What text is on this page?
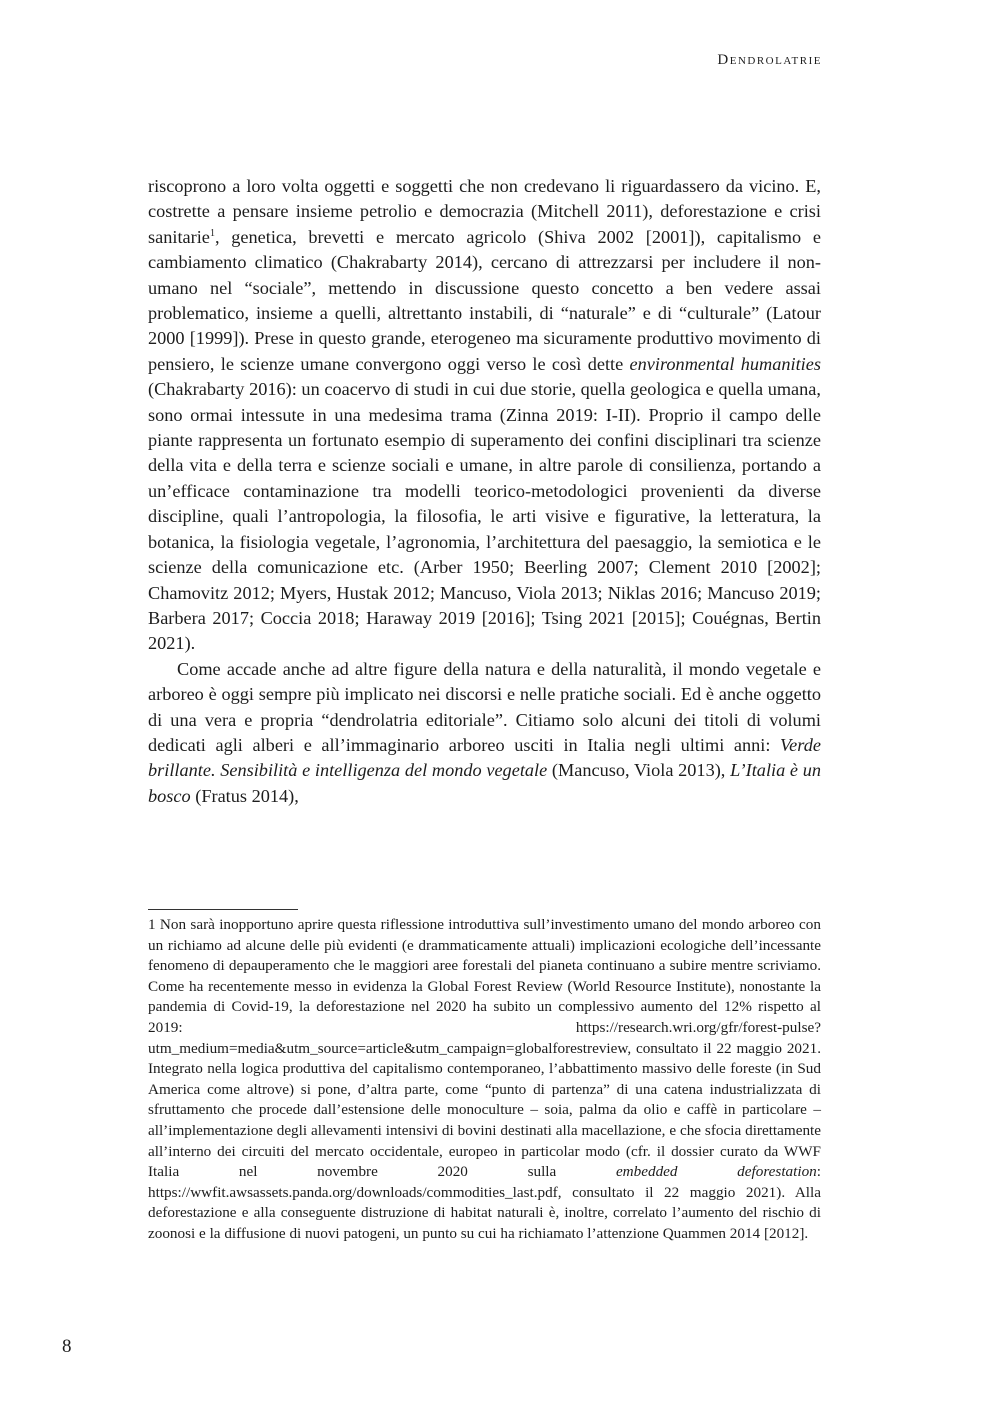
Dendrolatrie

riscoprono a loro volta oggetti e soggetti che non credevano li riguardassero da vicino. E, costrette a pensare insieme petrolio e democrazia (Mitchell 2011), deforestazione e crisi sanitarie$^1$, genetica, brevetti e mercato agricolo (Shiva 2002 [2001]), capitalismo e cambiamento climatico (Chakrabarty 2014), cercano di attrezzarsi per includere il non-umano nel “sociale”, mettendo in discussione questo concetto a ben vedere assai problematico, insieme a quelli, altrettanto instabili, di “naturale” e di “culturale” (Latour 2000 [1999]). Prese in questo grande, eterogeneo ma sicuramente produttivo movimento di pensiero, le scienze umane convergono oggi verso le così dette environmental humanities (Chakrabarty 2016): un coacervo di studi in cui due storie, quella geologica e quella umana, sono ormai intessute in una medesima trama (Zinna 2019: I-II). Proprio il campo delle piante rappresenta un fortunato esempio di superamento dei confini disciplinari tra scienze della vita e della terra e scienze sociali e umane, in altre parole di consilienza, portando a un’efficace contaminazione tra modelli teorico-metodologici provenienti da diverse discipline, quali l’antropologia, la filosofia, le arti visive e figurative, la letteratura, la botanica, la fisiologia vegetale, l’agronomia, l’architettura del paesaggio, la semiotica e le scienze della comunicazione etc. (Arber 1950; Beerling 2007; Clement 2010 [2002]; Chamovitz 2012; Myers, Hustak 2012; Mancuso, Viola 2013; Niklas 2016; Mancuso 2019; Barbera 2017; Coccia 2018; Haraway 2019 [2016]; Tsing 2021 [2015]; Couégnas, Bertin 2021).

Come accade anche ad altre figure della natura e della naturalità, il mondo vegetale e arboreo è oggi sempre più implicato nei discorsi e nelle pratiche sociali. Ed è anche oggetto di una vera e propria “dendrolatria editoriale”. Citiamo solo alcuni dei titoli di volumi dedicati agli alberi e all’immaginario arboreo usciti in Italia negli ultimi anni: Verde brillante. Sensibilità e intelligenza del mondo vegetale (Mancuso, Viola 2013), L’Italia è un bosco (Fratus 2014),

1 Non sarà inopportuno aprire questa riflessione introduttiva sull’investimento umano del mondo arboreo con un richiamo ad alcune delle più evidenti (e drammaticamente attuali) implicazioni ecologiche dell’incessante fenomeno di depauperamento che le maggiori aree forestali del pianeta continuano a subire mentre scriviamo. Come ha recentemente messo in evidenza la Global Forest Review (World Resource Institute), nonostante la pandemia di Covid-19, la deforestazione nel 2020 ha subito un complessivo aumento del 12% rispetto al 2019: https://research.wri.org/gfr/forest-pulse?utm_medium=media&utm_source=article&utm_campaign=globalforestreview, consultato il 22 maggio 2021. Integrato nella logica produttiva del capitalismo contemporaneo, l’abbattimento massivo delle foreste (in Sud America come altrove) si pone, d’altra parte, come “punto di partenza” di una catena industrializzata di sfruttamento che procede dall’estensione delle monoculture – soia, palma da olio e caffè in particolare – all’implementazione degli allevamenti intensivi di bovini destinati alla macellazione, e che sfocia direttamente all’interno dei circuiti del mercato occidentale, europeo in particolar modo (cfr. il dossier curato da WWF Italia nel novembre 2020 sulla embedded deforestation: https://wwfit.awsassets.panda.org/downloads/commodities_last.pdf, consultato il 22 maggio 2021). Alla deforestazione e alla conseguente distruzione di habitat naturali è, inoltre, correlato l’aumento del rischio di zoonosi e la diffusione di nuovi patogeni, un punto su cui ha richiamato l’attenzione Quammen 2014 [2012].

8
